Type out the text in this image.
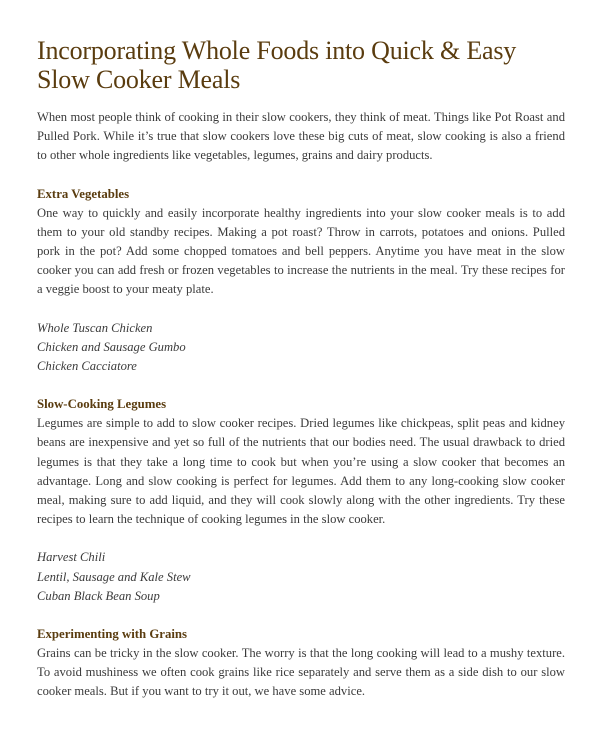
Incorporating Whole Foods into Quick & Easy Slow Cooker Meals

When most people think of cooking in their slow cookers, they think of meat. Things like Pot Roast and Pulled Pork. While it’s true that slow cookers love these big cuts of meat, slow cooking is also a friend to other whole ingredients like vegetables, legumes, grains and dairy products.

Extra Vegetables

One way to quickly and easily incorporate healthy ingredients into your slow cooker meals is to add them to your old standby recipes. Making a pot roast? Throw in carrots, potatoes and onions. Pulled pork in the pot? Add some chopped tomatoes and bell peppers. Anytime you have meat in the slow cooker you can add fresh or frozen vegetables to increase the nutrients in the meal. Try these recipes for a veggie boost to your meaty plate.

Whole Tuscan Chicken
Chicken and Sausage Gumbo
Chicken Cacciatore
Slow-Cooking Legumes

Legumes are simple to add to slow cooker recipes. Dried legumes like chickpeas, split peas and kidney beans are inexpensive and yet so full of the nutrients that our bodies need. The usual drawback to dried legumes is that they take a long time to cook but when you’re using a slow cooker that becomes an advantage. Long and slow cooking is perfect for legumes. Add them to any long-cooking slow cooker meal, making sure to add liquid, and they will cook slowly along with the other ingredients. Try these recipes to learn the technique of cooking legumes in the slow cooker.

Harvest Chili
Lentil, Sausage and Kale Stew
Cuban Black Bean Soup
Experimenting with Grains

Grains can be tricky in the slow cooker. The worry is that the long cooking will lead to a mushy texture. To avoid mushiness we often cook grains like rice separately and serve them as a side dish to our slow cooker meals. But if you want to try it out, we have some advice.
